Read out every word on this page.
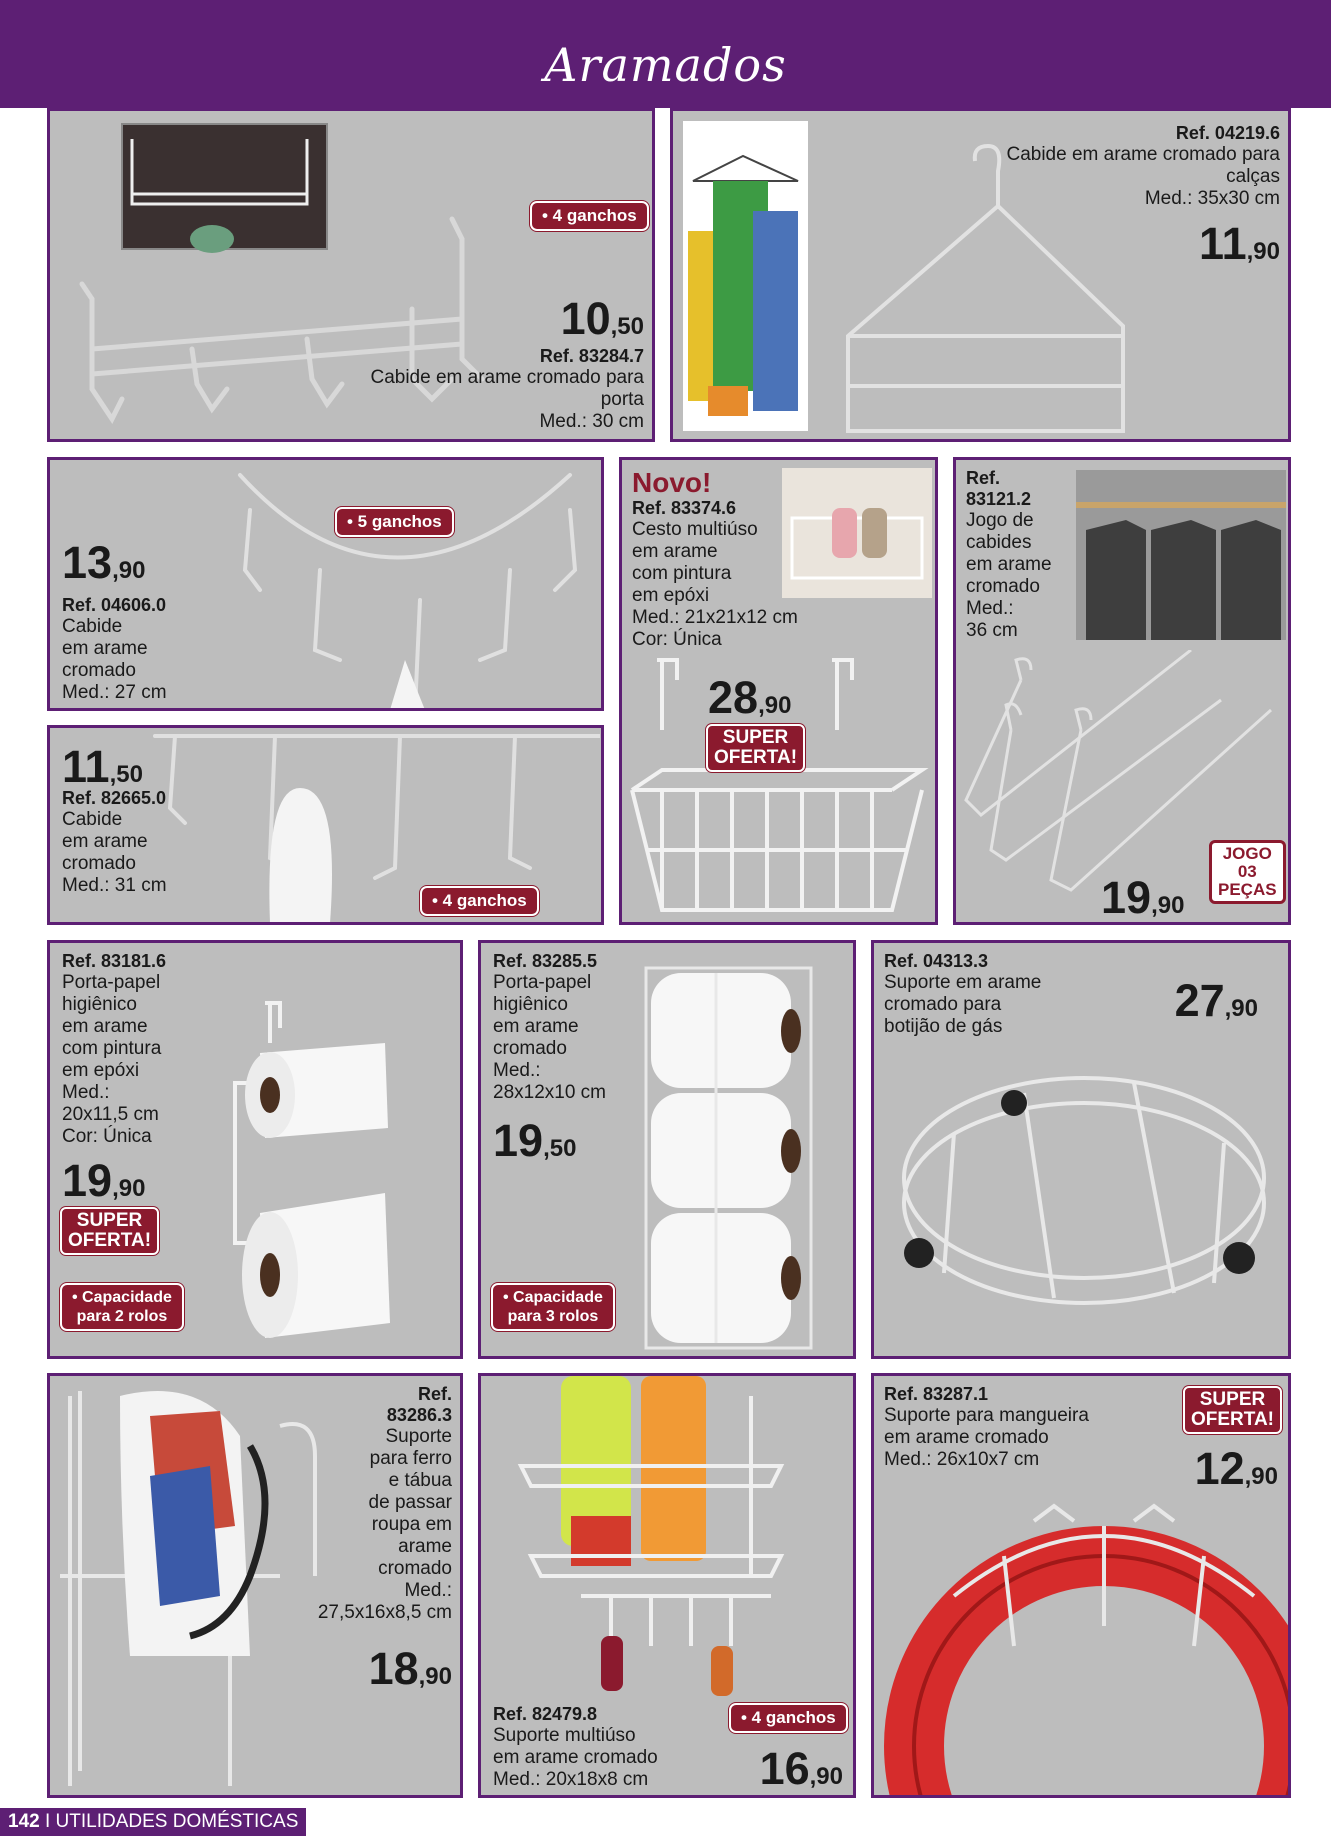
Aramados
• 4 ganchos
10,50
Ref. 83284.7
Cabide em arame cromado para porta
Med.: 30 cm
Ref. 04219.6
Cabide em arame cromado para calças
Med.: 35x30 cm
11,90
• 5 ganchos
13,90
Ref. 04606.0
Cabide
em arame
cromado
Med.: 27 cm
11,50
Ref. 82665.0
Cabide
em arame
cromado
Med.: 31 cm
• 4 ganchos
Novo!
Ref. 83374.6
Cesto multiúso
em arame
com pintura
em epóxi
Med.: 21x21x12 cm
Cor: Única
28,90
SUPER
OFERTA!
Ref.
83121.2
Jogo de
cabides
em arame
cromado
Med.:
36 cm
19,90
JOGO
03
PEÇAS
Ref. 83181.6
Porta-papel
higiênico
em arame
com pintura
em epóxi
Med.:
20x11,5 cm
Cor: Única
19,90
SUPER
OFERTA!
• Capacidade
para 2 rolos
Ref. 83285.5
Porta-papel
higiênico
em arame
cromado
Med.:
28x12x10 cm
19,50
• Capacidade
para 3 rolos
Ref. 04313.3
Suporte em arame
cromado para
botijão de gás
27,90
Ref.
83286.3
Suporte
para ferro
e tábua
de passar
roupa em
arame
cromado
Med.:
27,5x16x8,5 cm
18,90
• 4 ganchos
Ref. 82479.8
Suporte multiúso
em arame cromado
Med.: 20x18x8 cm	16,90
Ref. 83287.1
Suporte para mangueira
em arame cromado
Med.: 26x10x7 cm
SUPER
OFERTA!
12,90
142 I UTILIDADES DOMÉSTICAS
